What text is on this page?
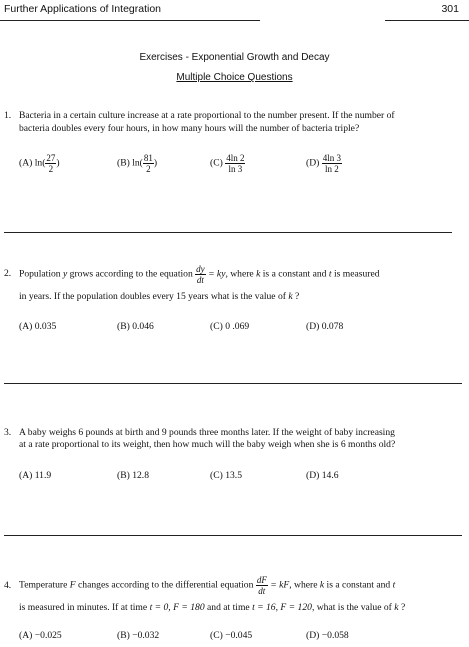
Further Applications of Integration	301
Exercises - Exponential Growth and Decay
Multiple Choice Questions
1. Bacteria in a certain culture increase at a rate proportional to the number present. If the number of
bacteria doubles every four hours, in how many hours will the number of bacteria triple?
(A) $\ln( \frac{27}{2}$ )	(B) $\ln( \frac{81}{2}$ )	$(C) \frac{4\ln 2}{\ln 3}$	$(D) \frac{4\ln 3}{\ln 2}$
2. Population y grows according to the equation $\frac{dy}{dt}$ = ky, where k is a constant and t is measured
in years. If the population doubles every 15 years what is the value of k ?
(A) 0.035	(B) 0.046	(C) 0 .069	(D) 0.078
3. A baby weighs 6 pounds at birth and 9 pounds three months later. If the weight of baby increasing
at a rate proportional to its weight, then how much will the baby weigh when she is 6 months old?
(A) 11.9	(B) 12.8	(C) 13.5	(D) 14.6
4. Temperature F changes according to the differential equation $\frac{dF}{dt}$ = kF, where k is a constant and t
is measured in minutes. If at time t = 0, F = 180 and at time t = 16, F = 120, what is the value of k ?
(A) −0.025	(B) −0.032	(C) −0.045	(D) −0.058
